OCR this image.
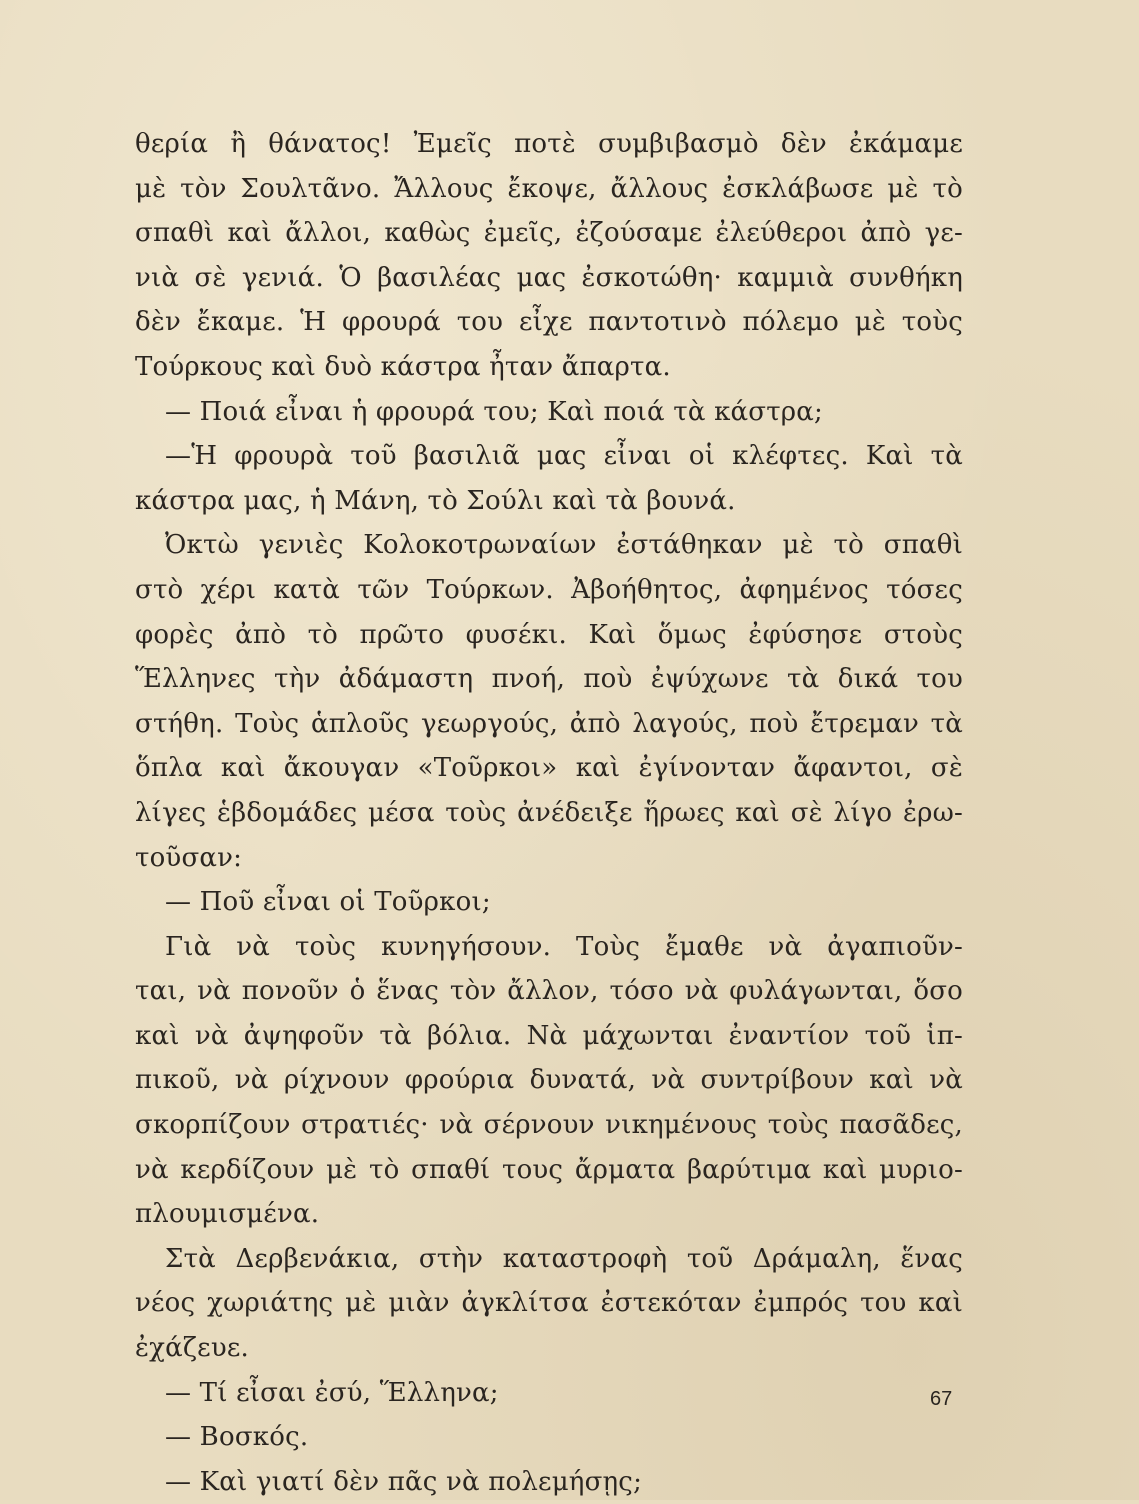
θερία ἢ θάνατος! Ἐμεῖς ποτὲ συμβιβασμὸ δὲν ἐκάμαμε
μὲ τὸν Σουλτᾶνο. Ἄλλους ἔκοψε, ἄλλους ἐσκλάβωσε μὲ τὸ
σπαθὶ καὶ ἄλλοι, καθὼς ἐμεῖς, ἐζούσαμε ἐλεύθεροι ἀπὸ γε-
νιὰ σὲ γενιά. Ὁ βασιλέας μας ἐσκοτώθη· καμμιὰ συνθήκη
δὲν ἔκαμε. Ἡ φρουρά του εἶχε παντοτινὸ πόλεμο μὲ τοὺς
Τούρκους καὶ δυὸ κάστρα ἦταν ἄπαρτα.
— Ποιά εἶναι ἡ φρουρά του; Καὶ ποιά τὰ κάστρα;
—Ἡ φρουρὰ τοῦ βασιλιᾶ μας εἶναι οἱ κλέφτες. Καὶ τὰ
κάστρα μας, ἡ Μάνη, τὸ Σούλι καὶ τὰ βουνά.
Ὀκτὼ γενιὲς Κολοκοτρωναίων ἐστάθηκαν μὲ τὸ σπαθὶ
στὸ χέρι κατὰ τῶν Τούρκων. Ἀβοήθητος, ἀφημένος τόσες
φορὲς ἀπὸ τὸ πρῶτο φυσέκι. Καὶ ὅμως ἐφύσησε στοὺς
Ἕλληνες τὴν ἀδάμαστη πνοή, ποὺ ἐψύχωνε τὰ δικά του
στήθη. Τοὺς ἁπλοῦς γεωργούς, ἀπὸ λαγούς, ποὺ ἔτρεμαν τὰ
ὅπλα καὶ ἄκουγαν «Τοῦρκοι» καὶ ἐγίνονταν ἄφαντοι, σὲ
λίγες ἑβδομάδες μέσα τοὺς ἀνέδειξε ἥρωες καὶ σὲ λίγο ἐρω-
τοῦσαν:
— Ποῦ εἶναι οἱ Τοῦρκοι;
Γιὰ νὰ τοὺς κυνηγήσουν. Τοὺς ἔμαθε νὰ ἀγαπιοῦν-
ται, νὰ πονοῦν ὁ ἕνας τὸν ἄλλον, τόσο νὰ φυλάγωνται, ὅσο
καὶ νὰ ἀψηφοῦν τὰ βόλια. Νὰ μάχωνται ἐναντίον τοῦ ἱπ-
πικοῦ, νὰ ρίχνουν φρούρια δυνατά, νὰ συντρίβουν καὶ νὰ
σκορπίζουν στρατιές· νὰ σέρνουν νικημένους τοὺς πασᾶδες,
νὰ κερδίζουν μὲ τὸ σπαθί τους ἄρματα βαρύτιμα καὶ μυριο-
πλουμισμένα.
Στὰ Δερβενάκια, στὴν καταστροφὴ τοῦ Δράμαλη, ἕνας
νέος χωριάτης μὲ μιὰν ἀγκλίτσα ἐστεκόταν ἐμπρός του καὶ
ἐχάζευε.
— Τί εἶσαι ἐσύ, Ἕλληνα;
— Βοσκός.
— Καὶ γιατί δὲν πᾶς νὰ πολεμήσῃς;
67
